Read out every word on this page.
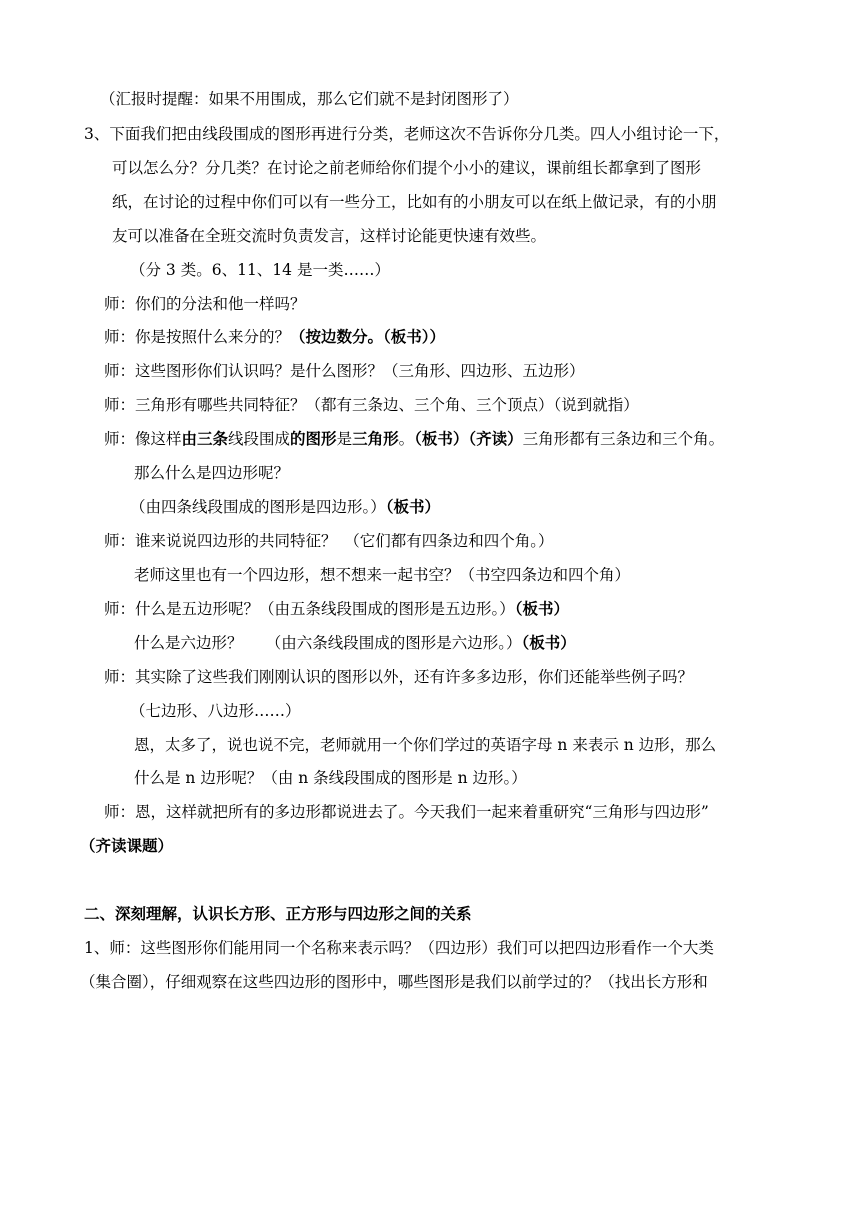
（汇报时提醒：如果不用围成，那么它们就不是封闭图形了）
3、下面我们把由线段围成的图形再进行分类，老师这次不告诉你分几类。四人小组讨论一下，
可以怎么分？分几类？在讨论之前老师给你们提个小小的建议，课前组长都拿到了图形
纸，在讨论的过程中你们可以有一些分工，比如有的小朋友可以在纸上做记录，有的小朋
友可以准备在全班交流时负责发言，这样讨论能更快速有效些。
（分 3 类。6、11、14 是一类……）
师：你们的分法和他一样吗？
师：你是按照什么来分的？（按边数分。（板书））
师：这些图形你们认识吗？是什么图形？（三角形、四边形、五边形）
师：三角形有哪些共同特征？（都有三条边、三个角、三个顶点）（说到就指）
师：像这样由三条线段围成的图形是三角形。（板书）（齐读）三角形都有三条边和三个角。
那么什么是四边形呢？
（由四条线段围成的图形是四边形。）（板书）
师：谁来说说四边形的共同特征？　（它们都有四条边和四个角。）
老师这里也有一个四边形，想不想来一起书空？（书空四条边和四个角）
师：什么是五边形呢？（由五条线段围成的图形是五边形。）（板书）
什么是六边形？　　（由六条线段围成的图形是六边形。）（板书）
师：其实除了这些我们刚刚认识的图形以外，还有许多多边形，你们还能举些例子吗？
（七边形、八边形……）
恩，太多了，说也说不完，老师就用一个你们学过的英语字母 n 来表示 n 边形，那么
什么是 n 边形呢？（由 n 条线段围成的图形是 n 边形。）
师：恩，这样就把所有的多边形都说进去了。今天我们一起来着重研究“三角形与四边形”
（齐读课题）
二、深刻理解，认识长方形、正方形与四边形之间的关系
1、师：这些图形你们能用同一个名称来表示吗？（四边形）我们可以把四边形看作一个大类
（集合圈），仔细观察在这些四边形的图形中，哪些图形是我们以前学过的？（找出长方形和
